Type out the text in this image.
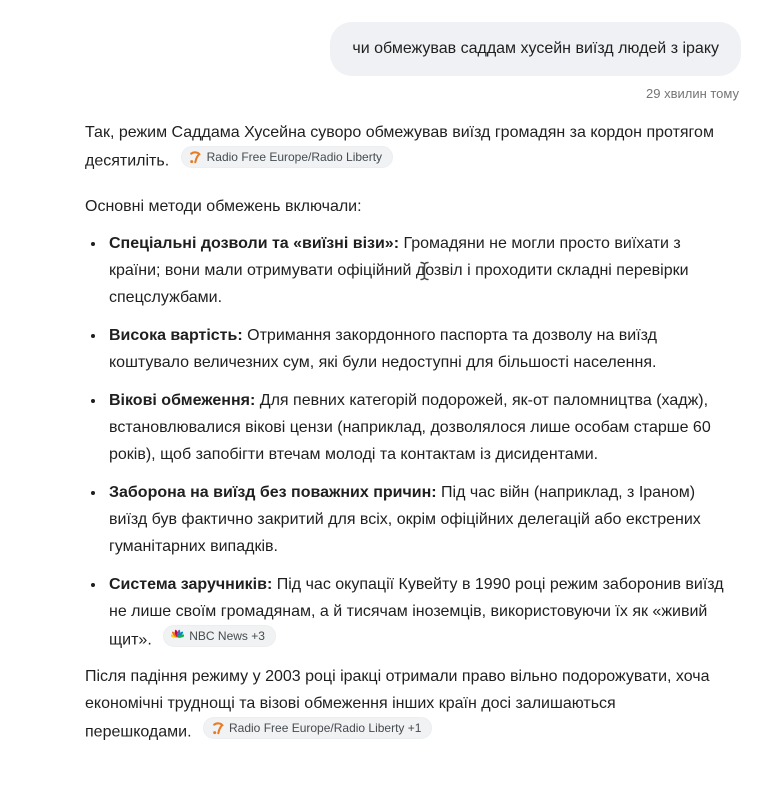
чи обмежував саддам хусейн виїзд людей з іраку
29 хвилин тому

Так, режим Саддама Хусейна суворо обмежував виїзд громадян за кордон протягом десятиліть.	Radio Free Europe/Radio Liberty

Основні методи обмежень включали:

• Спеціальні дозволи та «виїзні візи»: Громадяни не могли просто виїхати з країни; вони мали отримувати офіційний дозвіл і проходити складні перевірки спецслужбами.
• Висока вартість: Отримання закордонного паспорта та дозволу на виїзд коштувало величезних сум, які були недоступні для більшості населення.
• Вікові обмеження: Для певних категорій подорожей, як-от паломництва (хадж), встановлювалися вікові цензи (наприклад, дозволялося лише особам старше 60 років), щоб запобігти втечам молоді та контактам із дисидентами.
• Заборона на виїзд без поважних причин: Під час війн (наприклад, з Іраном) виїзд був фактично закритий для всіх, окрім офіційних делегацій або екстрених гуманітарних випадків.
• Система заручників: Під час окупації Кувейту в 1990 році режим заборонив виїзд не лише своїм громадянам, а й тисячам іноземців, використовуючи їх як «живий щит».	NBC News +3

Після падіння режиму у 2003 році іракці отримали право вільно подорожувати, хоча економічні труднощі та візові обмеження інших країн досі залишаються перешкодами.	Radio Free Europe/Radio Liberty +1
